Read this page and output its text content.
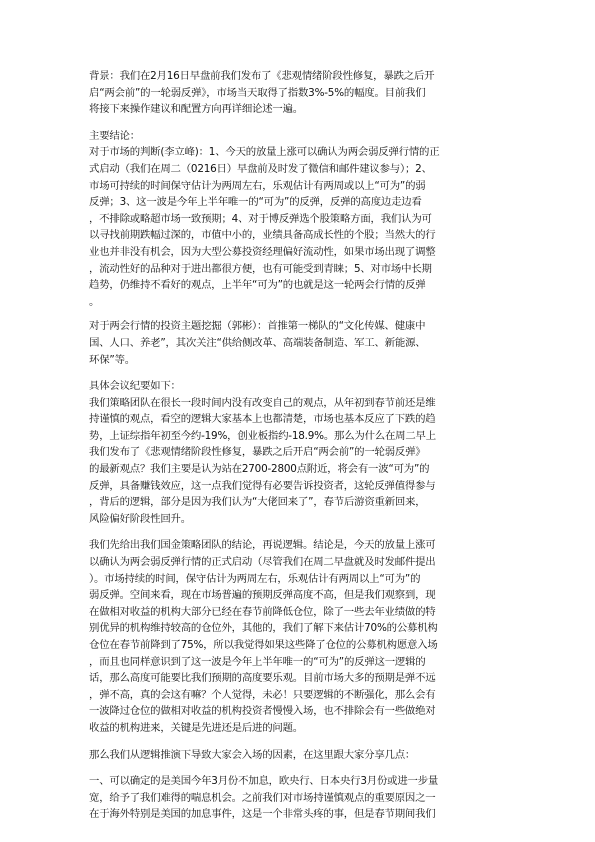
背景：我们在2月16日早盘前我们发布了《悲观情绪阶段性修复，暴跌之后开

启“两会前”的一轮弱反弹》，市场当天取得了指数3%-5%的幅度。目前我们

将接下来操作建议和配置方向再详细论述一遍。

主要结论：

对于市场的判断(李立峰)：1、今天的放量上涨可以确认为两会弱反弹行情的正

式启动（我们在周二（0216日）早盘前及时发了微信和邮件建议参与）；2、

市场可持续的时间保守估计为两周左右，乐观估计有两周或以上“可为”的弱

反弹；3、这一波是今年上半年唯一的“可为”的反弹，反弹的高度边走边看

，不排除或略超市场一致预期；4、对于博反弹选个股策略方面，我们认为可

以寻找前期跌幅过深的，市值中小的，业绩具备高成长性的个股；当然大的行

业也并非没有机会，因为大型公募投资经理偏好流动性，如果市场出现了调整

，流动性好的品种对于进出都很方便，也有可能受到青睐；5、对市场中长期

趋势，仍维持不看好的观点，上半年“可为”的也就是这一轮两会行情的反弹

。

对于两会行情的投资主题挖掘（郭彬）：首推第一梯队的“文化传媒、健康中

国、人口、养老”，其次关注“供给侧改革、高端装备制造、军工、新能源、

环保”等。

具体会议纪要如下：

我们策略团队在很长一段时间内没有改变自己的观点，从年初到春节前还是维

持谨慎的观点，看空的逻辑大家基本上也都清楚，市场也基本反应了下跌的趋

势，上证综指年初至今约-19%，创业板指约-18.9%。那么为什么在周二早上

我们发布了《悲观情绪阶段性修复，暴跌之后开启“两会前”的一轮弱反弹》

的最新观点？我们主要是认为站在2700-2800点附近，将会有一波“可为”的

反弹，具备赚钱效应，这一点我们觉得有必要告诉投资者，这轮反弹值得参与

，背后的逻辑，部分是因为我们认为“大佬回来了”，春节后游资重新回来，

风险偏好阶段性回升。

我们先给出我们国金策略团队的结论，再说逻辑。结论是，今天的放量上涨可

以确认为两会弱反弹行情的正式启动（尽管我们在周二早盘就及时发邮件提出

）。市场持续的时间，保守估计为两周左右，乐观估计有两周以上“可为”的

弱反弹。空间来看，现在市场普遍的预期反弹高度不高，但是我们观察到，现

在做相对收益的机构大部分已经在春节前降低仓位，除了一些去年业绩做的特

别优异的机构维持较高的仓位外，其他的，我们了解下来估计70%的公募机构

仓位在春节前降到了75%，所以我觉得如果这些降了仓位的公募机构愿意入场

，而且也同样意识到了这一波是今年上半年唯一的“可为”的反弹这一逻辑的

话，那么高度可能要比我们预期的高度要乐观。目前市场大多的预期是弹不远

，弹不高，真的会这有嘛？个人觉得，未必！只要逻辑的不断强化，那么会有

一波降过仓位的做相对收益的机构投资者慢慢入场，也不排除会有一些做绝对

收益的机构进来，关键是先进还是后进的问题。

那么我们从逻辑推演下导致大家会入场的因素，在这里跟大家分享几点：

一、可以确定的是美国今年3月份不加息，欧央行、日本央行3月份或进一步量

宽，给予了我们难得的喘息机会。之前我们对市场持谨慎观点的重要原因之一

在于海外特别是美国的加息事件，这是一个非常头疼的事，但是春节期间我们
